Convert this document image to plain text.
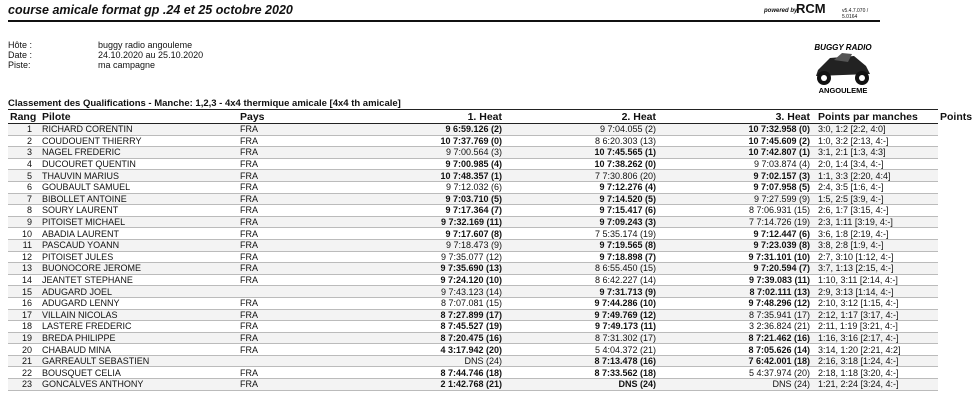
course amicale format gp .24 et 25 octobre 2020	powered by
RCM	v5.4.7.070 / 5.0164
Hôte :	buggy radio angouleme
Date :	24.10.2020 au 25.10.2020
Piste:	ma campagne
BUGGY RADIO
ANGOULEME
Classement des Qualifications - Manche: 1,2,3 - 4x4 thermique amicale [4x4 th amicale]
Rang	Pilote	Pays	1. Heat	2. Heat	3. Heat	Points par manches	Points
1	RICHARD CORENTIN	FRA	9 6:59.126 (2)	9 7:04.055 (2)	10 7:32.958 (0)	3:0, 1:2 [2:2, 4:0]	
2	COUDOUENT THIERRY	FRA	10 7:37.769 (0)	8 6:20.303 (13)	10 7:45.609 (2)	1:0, 3:2 [2:13, 4:-]	
3	NAGEL FREDERIC	FRA	9 7:00.564 (3)	10 7:45.565 (1)	10 7:42.807 (1)	3:1, 2:1 [1:3, 4:3]	
4	DUCOURET QUENTIN	FRA	9 7:00.985 (4)	10 7:38.262 (0)	9 7:03.874 (4)	2:0, 1:4 [3:4, 4:-]	
5	THAUVIN MARIUS	FRA	10 7:48.357 (1)	7 7:30.806 (20)	9 7:02.157 (3)	1:1, 3:3 [2:20, 4:4]	
6	GOUBAULT SAMUEL	FRA	9 7:12.032 (6)	9 7:12.276 (4)	9 7:07.958 (5)	2:4, 3:5 [1:6, 4:-]	
7	BIBOLLET ANTOINE	FRA	9 7:03.710 (5)	9 7:14.520 (5)	9 7:27.599 (9)	1:5, 2:5 [3:9, 4:-]	
8	SOURY LAURENT	FRA	9 7:17.364 (7)	9 7:15.417 (6)	8 7:06.931 (15)	2:6, 1:7 [3:15, 4:-]	
9	PITOISET MICHAEL	FRA	9 7:32.169 (11)	9 7:09.243 (3)	7 7:14.726 (19)	2:3, 1:11 [3:19, 4:-]	
10	ABADIA LAURENT	FRA	9 7:17.607 (8)	7 5:35.174 (19)	9 7:12.447 (6)	3:6, 1:8 [2:19, 4:-]	
11	PASCAUD YOANN	FRA	9 7:18.473 (9)	9 7:19.565 (8)	9 7:23.039 (8)	3:8, 2:8 [1:9, 4:-]	
12	PITOISET JULES	FRA	9 7:35.077 (12)	9 7:18.898 (7)	9 7:31.101 (10)	2:7, 3:10 [1:12, 4:-]	
13	BUONOCORE JEROME	FRA	9 7:35.690 (13)	8 6:55.450 (15)	9 7:20.594 (7)	3:7, 1:13 [2:15, 4:-]	
14	JEANTET STEPHANE	FRA	9 7:24.120 (10)	8 6:42.227 (14)	9 7:39.083 (11)	1:10, 3:11 [2:14, 4:-]	
15	ADUGARD JOEL		9 7:43.123 (14)	9 7:31.713 (9)	8 7:02.111 (13)	2:9, 3:13 [1:14, 4:-]	
16	ADUGARD LENNY	FRA	8 7:07.081 (15)	9 7:44.286 (10)	9 7:48.296 (12)	2:10, 3:12 [1:15, 4:-]	
17	VILLAIN NICOLAS	FRA	8 7:27.899 (17)	9 7:49.769 (12)	8 7:35.941 (17)	2:12, 1:17 [3:17, 4:-]	
18	LASTERE FREDERIC	FRA	8 7:45.527 (19)	9 7:49.173 (11)	3 2:36.824 (21)	2:11, 1:19 [3:21, 4:-]	
19	BREDA PHILIPPE	FRA	8 7:20.475 (16)	8 7:31.302 (17)	8 7:21.462 (16)	1:16, 3:16 [2:17, 4:-]	
20	CHABAUD MINA	FRA	4 3:17.942 (20)	5 4:04.372 (21)	8 7:05.626 (14)	3:14, 1:20 [2:21, 4:2]	
21	GARREAULT SEBASTIEN		DNS (24)	8 7:13.478 (16)	7 6:42.001 (18)	2:16, 3:18 [1:24, 4:-]	
22	BOUSQUET CELIA	FRA	8 7:44.746 (18)	8 7:33.562 (18)	5 4:37.974 (20)	2:18, 1:18 [3:20, 4:-]	
23	GONCALVES ANTHONY	FRA	2 1:42.768 (21)	DNS (24)	DNS (24)	1:21, 2:24 [3:24, 4:-]	
